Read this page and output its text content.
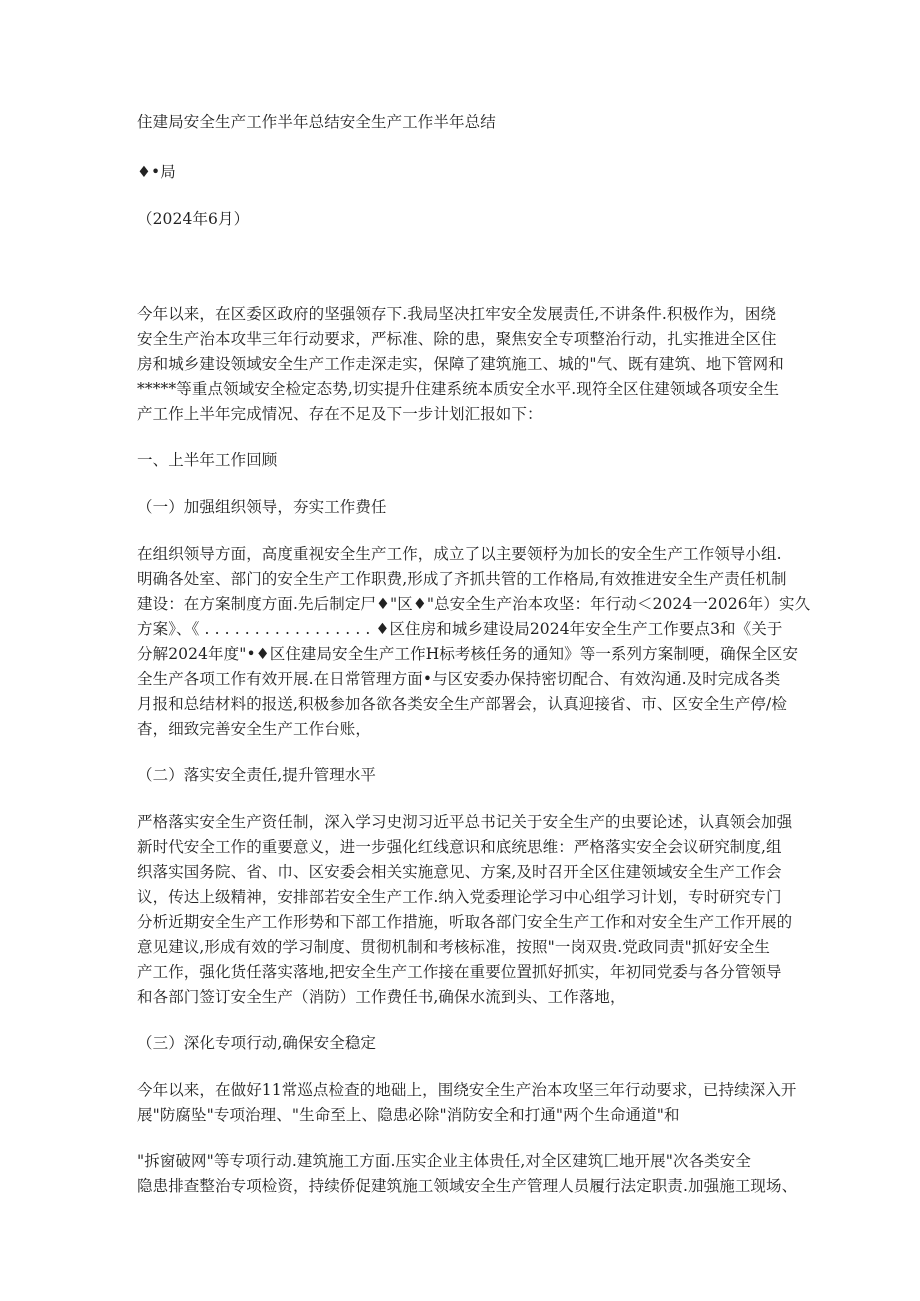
住建局安全生产工作半年总结安全生产工作半年总结

♦•局

（2024年6月）

今年以来，在区委区政府的坚强领存下.我局坚决扛牢安全发展责任,不讲条件.积极作为，困绕

安全生产治本攻芈三年行动要求，严标准、除的患，聚焦安全专项整治行动，扎实推进全区住

房和城乡建设领域安全生产工作走深走实，保障了建筑施工、城的"气、既有建筑、地下管网和

*****等重点领域安全检定态势,切实提升住建系统本质安全水平.现符全区住建领域各项安全生

产工作上半年完成情况、存在不足及下一步计划汇报如下：

一、上半年工作回顾

（一）加强组织领导，夯实工作费任

在组织领导方面，高度重视安全生产工作，成立了以主要领杼为加长的安全生产工作领导小组.

明确各处室、部门的安全生产工作职费,形成了齐抓共管的工作格局,有效推进安全生产责任机制

建设：在方案制度方面.先后制定尸♦"区♦"总安全生产治本攻坚：年行动＜2024一2026年）实久

方案》、《 . . . . . . . . . . . . . . . . . ♦区住房和城乡建设局2024年安全生产工作要点3和《关于

分解2024年度"•♦区住建局安全生产工作H标考核任务的通知》等一系列方案制哽，确保全区安

全生产各项工作有效开展.在日常管理方面•与区安委办保持密切配合、有效沟通.及时完成各类

月报和总结材料的报送,积极参加各欲各类安全生产部署会，认真迎接省、市、区安全生产停/检

杳，细致完善安全生产工作台账，

（二）落实安全责任,提升管理水平

严格落实安全生产资任制，深入学习史沏习近平总书记关于安全生产的虫要论述，认真领会加强

新时代安全工作的重要意义，进一步强化红线意识和底统思维：严格落实安全会议研究制度,组

织落实国务院、省、巾、区安委会相关实施意见、方案,及时召开全区住建领域安全生产工作会

议，传达上级精神，安排部若安全生产工作.纳入党委理论学习中心组学习计划，专时研究专门

分析近期安全生产工作形势和下部工作措施，听取各部门安全生产工作和对安全生产工作开展的

意见建议,形成有效的学习制度、贯彻机制和考核标准，按照"一岗双贵.党政同责"抓好安全生

产工作，强化货任落实落地,把安全生产工作接在重要位置抓好抓实，年初同党委与各分管领导

和各部门签订安全生产（消防）工作费任书,确保水流到头、工作落地，

（三）深化专项行动,确保安全稳定

今年以来，在做好11常巡点检查的地础上，围绕安全生产治本攻坚三年行动要求，已持续深入开

展"防腐坠"专项治理、"生命至上、隐患必除"消防安全和打通"两个生命通道"和

"拆窗破网"等专项行动.建筑施工方面.压实企业主体贵任,对全区建筑匚地开展"次各类安全

隐患排查整治专项检资，持续侨促建筑施工领域安全生产管理人员履行法定职责.加强施工现场、
